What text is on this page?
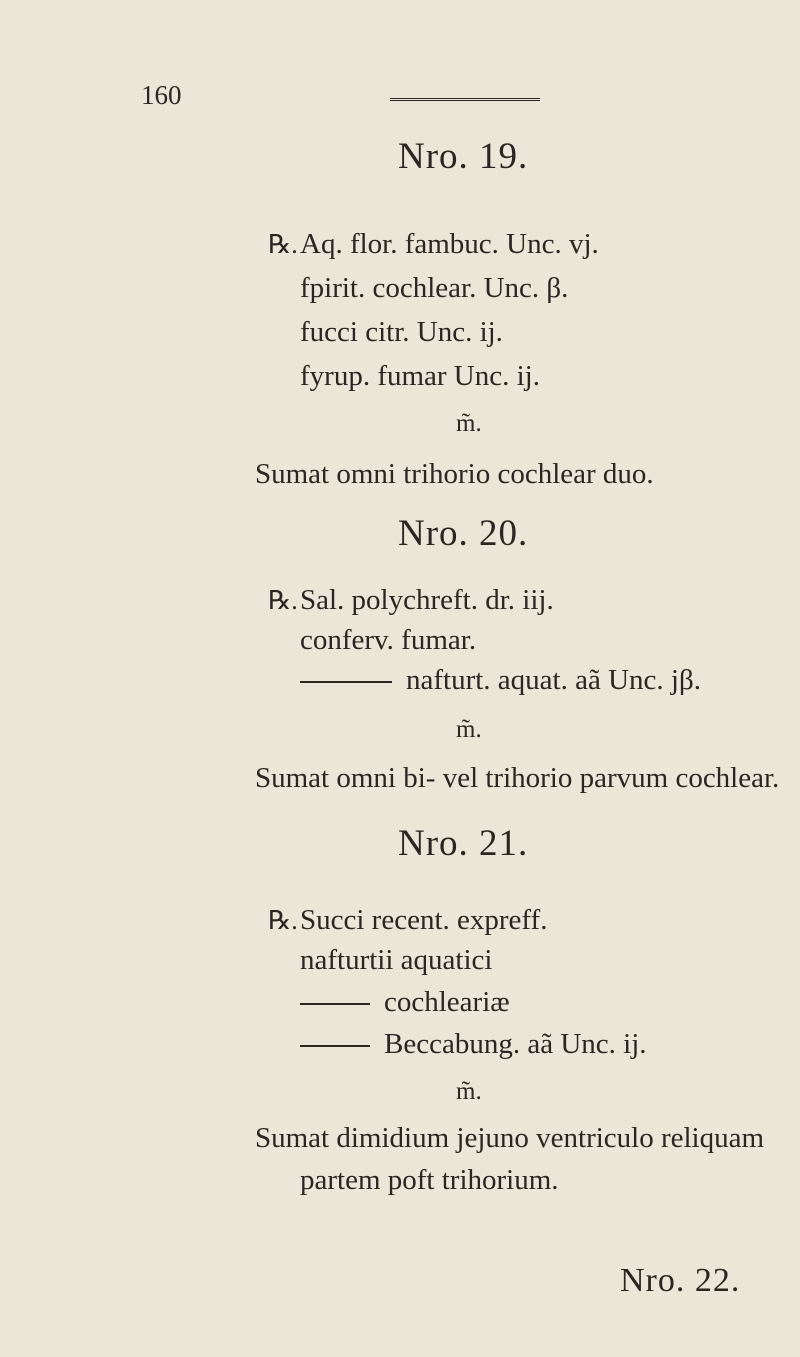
160
Nro. 19.
℞.Aq. flor. fambuc. Unc. vj.
fpirit. cochlear. Unc. β.
fucci citr. Unc. ij.
fyrup. fumar Unc. ij.
m̃.
Sumat omni trihorio cochlear duo.
Nro. 20.
℞.Sal. polychreft. dr. iij.
conferv. fumar.
nafturt. aquat. aã Unc. jβ.
m̃.
Sumat omni bi- vel trihorio parvum cochlear.
Nro. 21.
℞.Succi recent. expreff.
nafturtii aquatici
cochleariæ
Beccabung. aã Unc. ij.
m̃.
Sumat dimidium jejuno ventriculo reliquam
partem poft trihorium.
Nro. 22.
